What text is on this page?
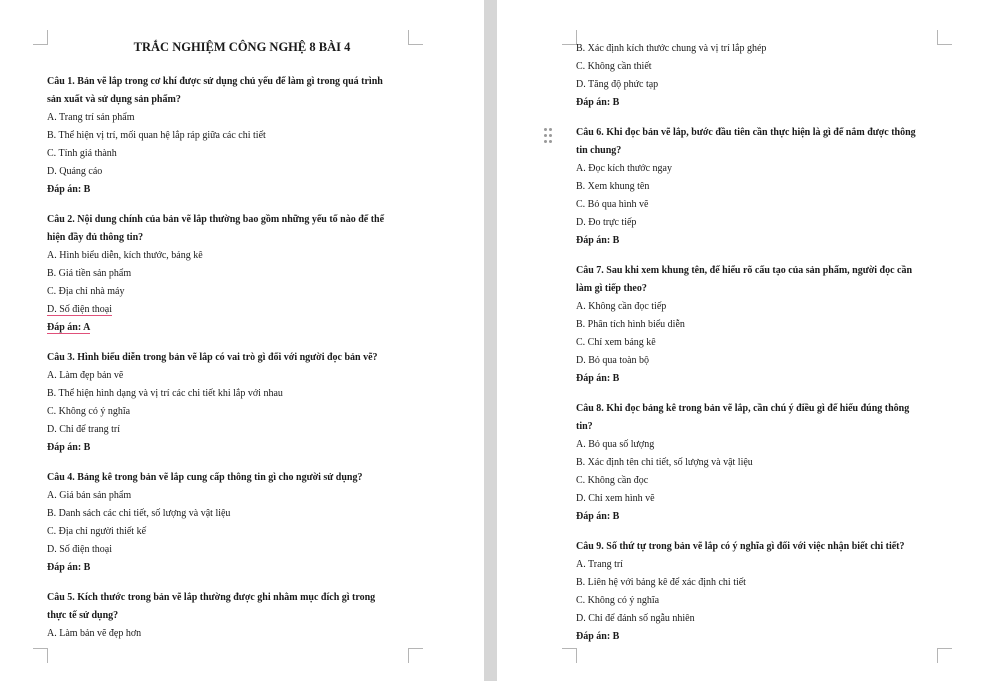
TRẮC NGHIỆM CÔNG NGHỆ 8 BÀI 4
Câu 1. Bản vẽ lắp trong cơ khí được sử dụng chủ yếu để làm gì trong quá trình
sản xuất và sử dụng sản phẩm?
A. Trang trí sản phẩm
B. Thể hiện vị trí, mối quan hệ lắp ráp giữa các chi tiết
C. Tính giá thành
D. Quảng cáo
Đáp án: B
Câu 2. Nội dung chính của bản vẽ lắp thường bao gồm những yếu tố nào để thể
hiện đầy đủ thông tin?
A. Hình biểu diễn, kích thước, bảng kê
B. Giá tiền sản phẩm
C. Địa chỉ nhà máy
D. Số điện thoại
Đáp án: A
Câu 3. Hình biểu diễn trong bản vẽ lắp có vai trò gì đối với người đọc bản vẽ?
A. Làm đẹp bản vẽ
B. Thể hiện hình dạng và vị trí các chi tiết khi lắp với nhau
C. Không có ý nghĩa
D. Chỉ để trang trí
Đáp án: B
Câu 4. Bảng kê trong bản vẽ lắp cung cấp thông tin gì cho người sử dụng?
A. Giá bán sản phẩm
B. Danh sách các chi tiết, số lượng và vật liệu
C. Địa chỉ người thiết kế
D. Số điện thoại
Đáp án: B
Câu 5. Kích thước trong bản vẽ lắp thường được ghi nhằm mục đích gì trong
thực tế sử dụng?
A. Làm bản vẽ đẹp hơn
B. Xác định kích thước chung và vị trí lắp ghép
C. Không cần thiết
D. Tăng độ phức tạp
Đáp án: B
Câu 6. Khi đọc bản vẽ lắp, bước đầu tiên cần thực hiện là gì để nắm được thông
tin chung?
A. Đọc kích thước ngay
B. Xem khung tên
C. Bỏ qua hình vẽ
D. Đo trực tiếp
Đáp án: B
Câu 7. Sau khi xem khung tên, để hiểu rõ cấu tạo của sản phẩm, người đọc cần
làm gì tiếp theo?
A. Không cần đọc tiếp
B. Phân tích hình biểu diễn
C. Chỉ xem bảng kê
D. Bỏ qua toàn bộ
Đáp án: B
Câu 8. Khi đọc bảng kê trong bản vẽ lắp, cần chú ý điều gì để hiểu đúng thông
tin?
A. Bỏ qua số lượng
B. Xác định tên chi tiết, số lượng và vật liệu
C. Không cần đọc
D. Chỉ xem hình vẽ
Đáp án: B
Câu 9. Số thứ tự trong bản vẽ lắp có ý nghĩa gì đối với việc nhận biết chi tiết?
A. Trang trí
B. Liên hệ với bảng kê để xác định chi tiết
C. Không có ý nghĩa
D. Chỉ để đánh số ngẫu nhiên
Đáp án: B
